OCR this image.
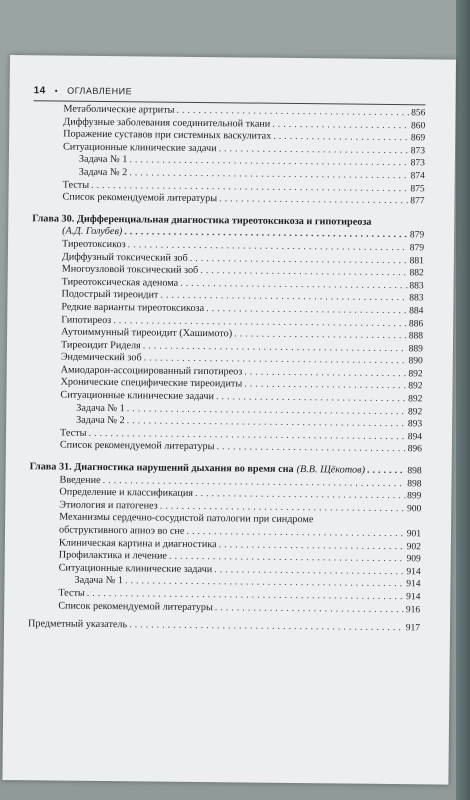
14 • ОГЛАВЛЕНИЕ
Метаболические артриты . . .	856
Диффузные заболевания соединительной ткани . . .	860
Поражение суставов при системных васкулитах . . .	869
Ситуационные клинические задачи . . .	873
Задача № 1 . . .	873
Задача № 2 . . .	874
Тесты . . .	875
Список рекомендуемой литературы . . .	877
Глава 30. Дифференциальная диагностика тиреотоксикоза и гипотиреоза
(А.Д. Голубев) . . .	879
Тиреотоксикоз . . .	879
Диффузный токсический зоб . . .	881
Многоузловой токсический зоб . . .	882
Тиреотоксическая аденома . . .	883
Подострый тиреоидит . . .	883
Редкие варианты тиреотоксикоза . . .	884
Гипотиреоз . . .	886
Аутоиммунный тиреоидит (Хашимото) . . .	888
Тиреоидит Риделя . . .	889
Эндемический зоб . . .	890
Амиодарон-ассоциированный гипотиреоз . . .	892
Хронические специфические тиреоидиты . . .	892
Ситуационные клинические задачи . . .	892
Задача № 1 . . .	892
Задача № 2 . . .	893
Тесты . . .	894
Список рекомендуемой литературы . . .	896
Глава 31. Диагностика нарушений дыхания во время сна (В.В. Щёкотов) . . .	898
Введение . . .	898
Определение и классификация . . .	899
Этиология и патогенез . . .	900
Механизмы сердечно-сосудистой патологии при синдроме
обструктивного апноэ во сне . . .	901
Клиническая картина и диагностика . . .	902
Профилактика и лечение . . .	909
Ситуационные клинические задачи . . .	914
Задача № 1 . . .	914
Тесты . . .	914
Список рекомендуемой литературы . . .	916
Предметный указатель . . .	917
